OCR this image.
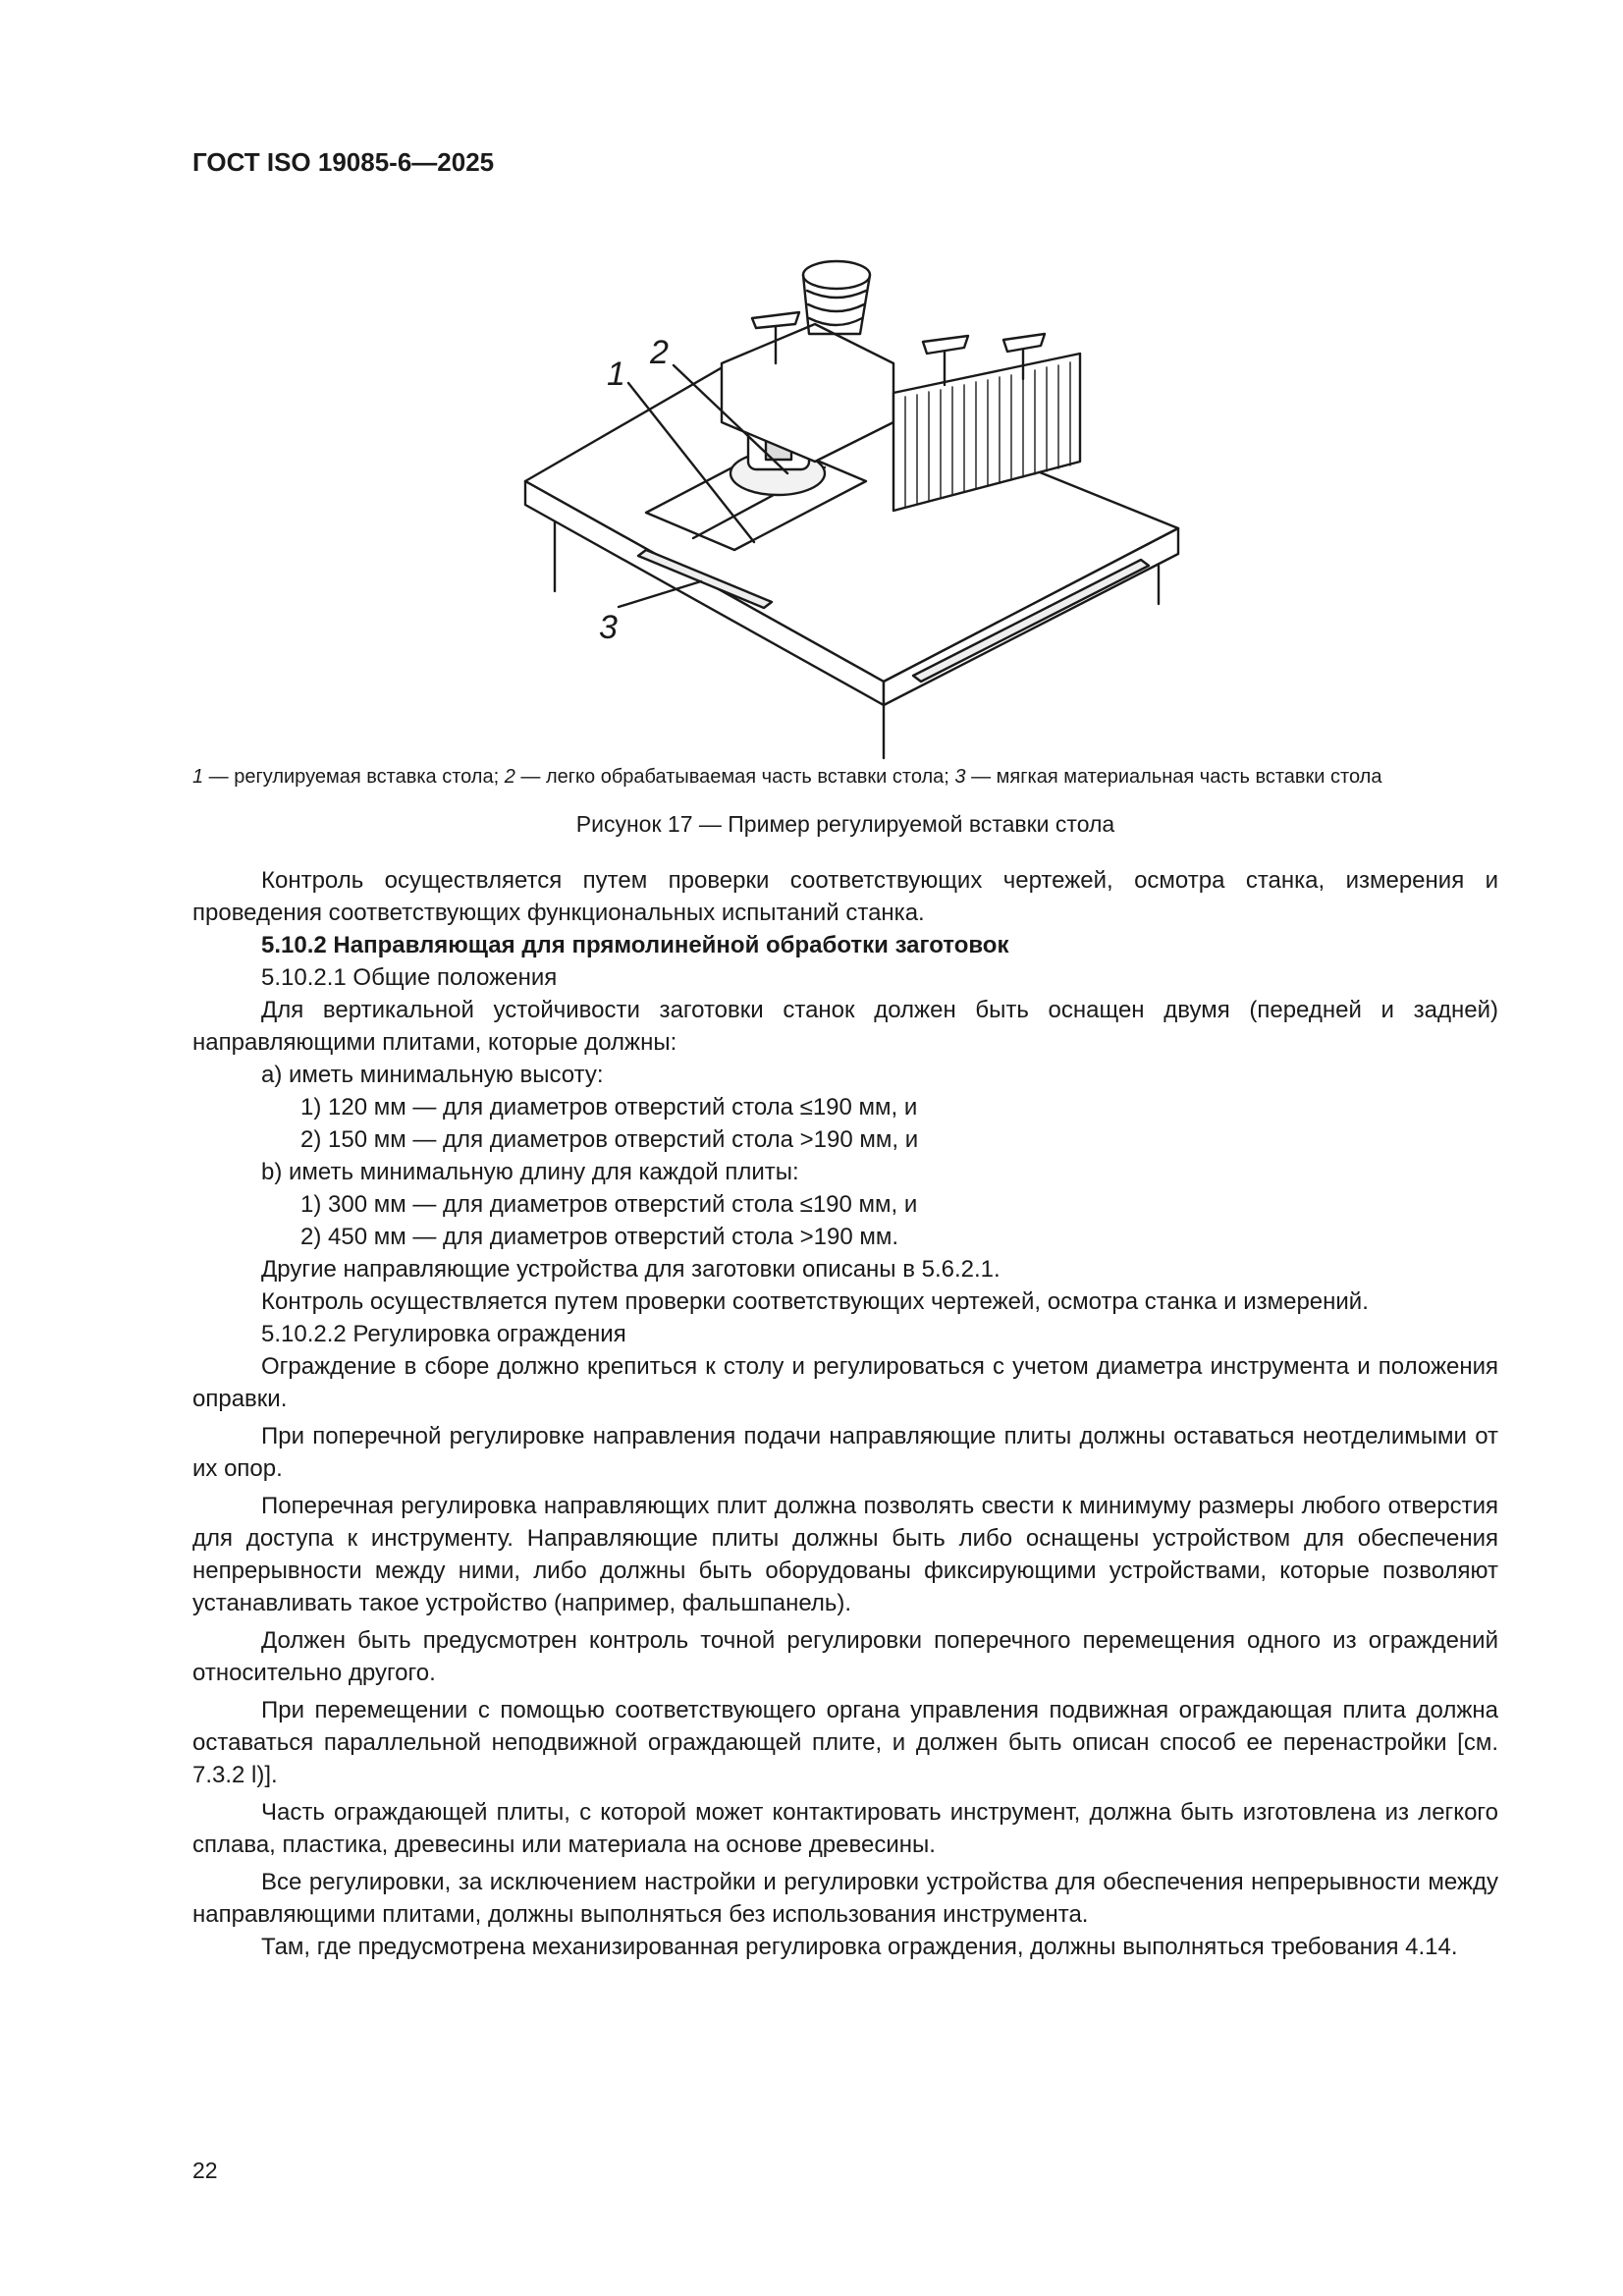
ГОСТ ISO 19085-6—2025
1
2
3
1 — регулируемая вставка стола; 2 — легко обрабатываемая часть вставки стола; 3 — мягкая материальная часть вставки стола
Рисунок 17 — Пример регулируемой вставки стола

Контроль осуществляется путем проверки соответствующих чертежей, осмотра станка, измерения и проведения соответствующих функциональных испытаний станка.

5.10.2 Направляющая для прямолинейной обработки заготовок

5.10.2.1 Общие положения

Для вертикальной устойчивости заготовки станок должен быть оснащен двумя (передней и задней) направляющими плитами, которые должны:

a) иметь минимальную высоту:

1) 120 мм — для диаметров отверстий стола ≤190 мм, и

2) 150 мм — для диаметров отверстий стола >190 мм, и

b) иметь минимальную длину для каждой плиты:

1) 300 мм — для диаметров отверстий стола ≤190 мм, и

2) 450 мм — для диаметров отверстий стола >190 мм.

Другие направляющие устройства для заготовки описаны в 5.6.2.1.

Контроль осуществляется путем проверки соответствующих чертежей, осмотра станка и измерений.

5.10.2.2 Регулировка ограждения

Ограждение в сборе должно крепиться к столу и регулироваться с учетом диаметра инструмента и положения оправки.

При поперечной регулировке направления подачи направляющие плиты должны оставаться неотделимыми от их опор.

Поперечная регулировка направляющих плит должна позволять свести к минимуму размеры любого отверстия для доступа к инструменту. Направляющие плиты должны быть либо оснащены устройством для обеспечения непрерывности между ними, либо должны быть оборудованы фиксирующими устройствами, которые позволяют устанавливать такое устройство (например, фальшпанель).

Должен быть предусмотрен контроль точной регулировки поперечного перемещения одного из ограждений относительно другого.

При перемещении с помощью соответствующего органа управления подвижная ограждающая плита должна оставаться параллельной неподвижной ограждающей плите, и должен быть описан способ ее перенастройки [см. 7.3.2 l)].

Часть ограждающей плиты, с которой может контактировать инструмент, должна быть изготовлена из легкого сплава, пластика, древесины или материала на основе древесины.

Все регулировки, за исключением настройки и регулировки устройства для обеспечения непрерывности между направляющими плитами, должны выполняться без использования инструмента.

Там, где предусмотрена механизированная регулировка ограждения, должны выполняться требования 4.14.

22
